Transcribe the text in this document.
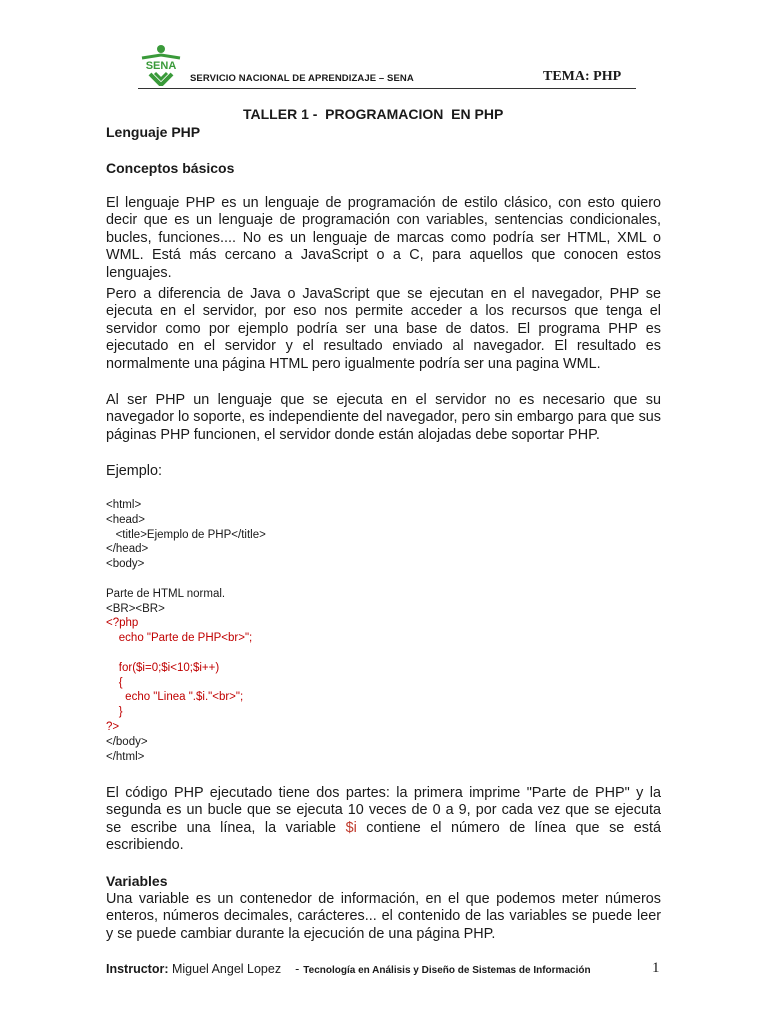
SENA
SERVICIO NACIONAL DE APRENDIZAJE – SENA	TEMA: PHP
TALLER 1 -  PROGRAMACION  EN PHP
Lenguaje PHP
Conceptos básicos

El lenguaje PHP es un lenguaje de programación de estilo clásico, con esto quiero decir que es un lenguaje de programación con variables, sentencias condicionales, bucles, funciones.... No es un lenguaje de marcas como podría ser HTML, XML o WML. Está más cercano a JavaScript o a C, para aquellos que conocen estos lenguajes.

Pero a diferencia de Java o JavaScript que se ejecutan en el navegador, PHP se ejecuta en el servidor, por eso nos permite acceder a los recursos que tenga el servidor como por ejemplo podría ser una base de datos. El programa PHP es ejecutado en el servidor y el resultado enviado al navegador. El resultado es normalmente una página HTML pero igualmente podría ser una pagina WML.

Al ser PHP un lenguaje que se ejecuta en el servidor no es necesario que su navegador lo soporte, es independiente del navegador, pero sin embargo para que sus páginas PHP funcionen, el servidor donde están alojadas debe soportar PHP.

Ejemplo:
<html>
<head>
<title>Ejemplo de PHP</title>
</head>
<body>
Parte de HTML normal.
<BR><BR>
<?php
echo "Parte de PHP<br>";
for($i=0;$i<10;$i++)
{
echo "Linea ".$i."<br>";
}
?>
</body>
</html>

El código PHP ejecutado tiene dos partes: la primera imprime "Parte de PHP" y la segunda es un bucle que se ejecuta 10 veces de 0 a 9, por cada vez que se ejecuta se escribe una línea, la variable $i contiene el número de línea que se está escribiendo.

Variables

Una variable es un contenedor de información, en el que podemos meter números enteros, números decimales, carácteres... el contenido de las variables se puede leer y se puede cambiar durante la ejecución de una página PHP.

Instructor: Miguel Angel Lopez - Tecnología en Análisis y Diseño de Sistemas de Información	1
